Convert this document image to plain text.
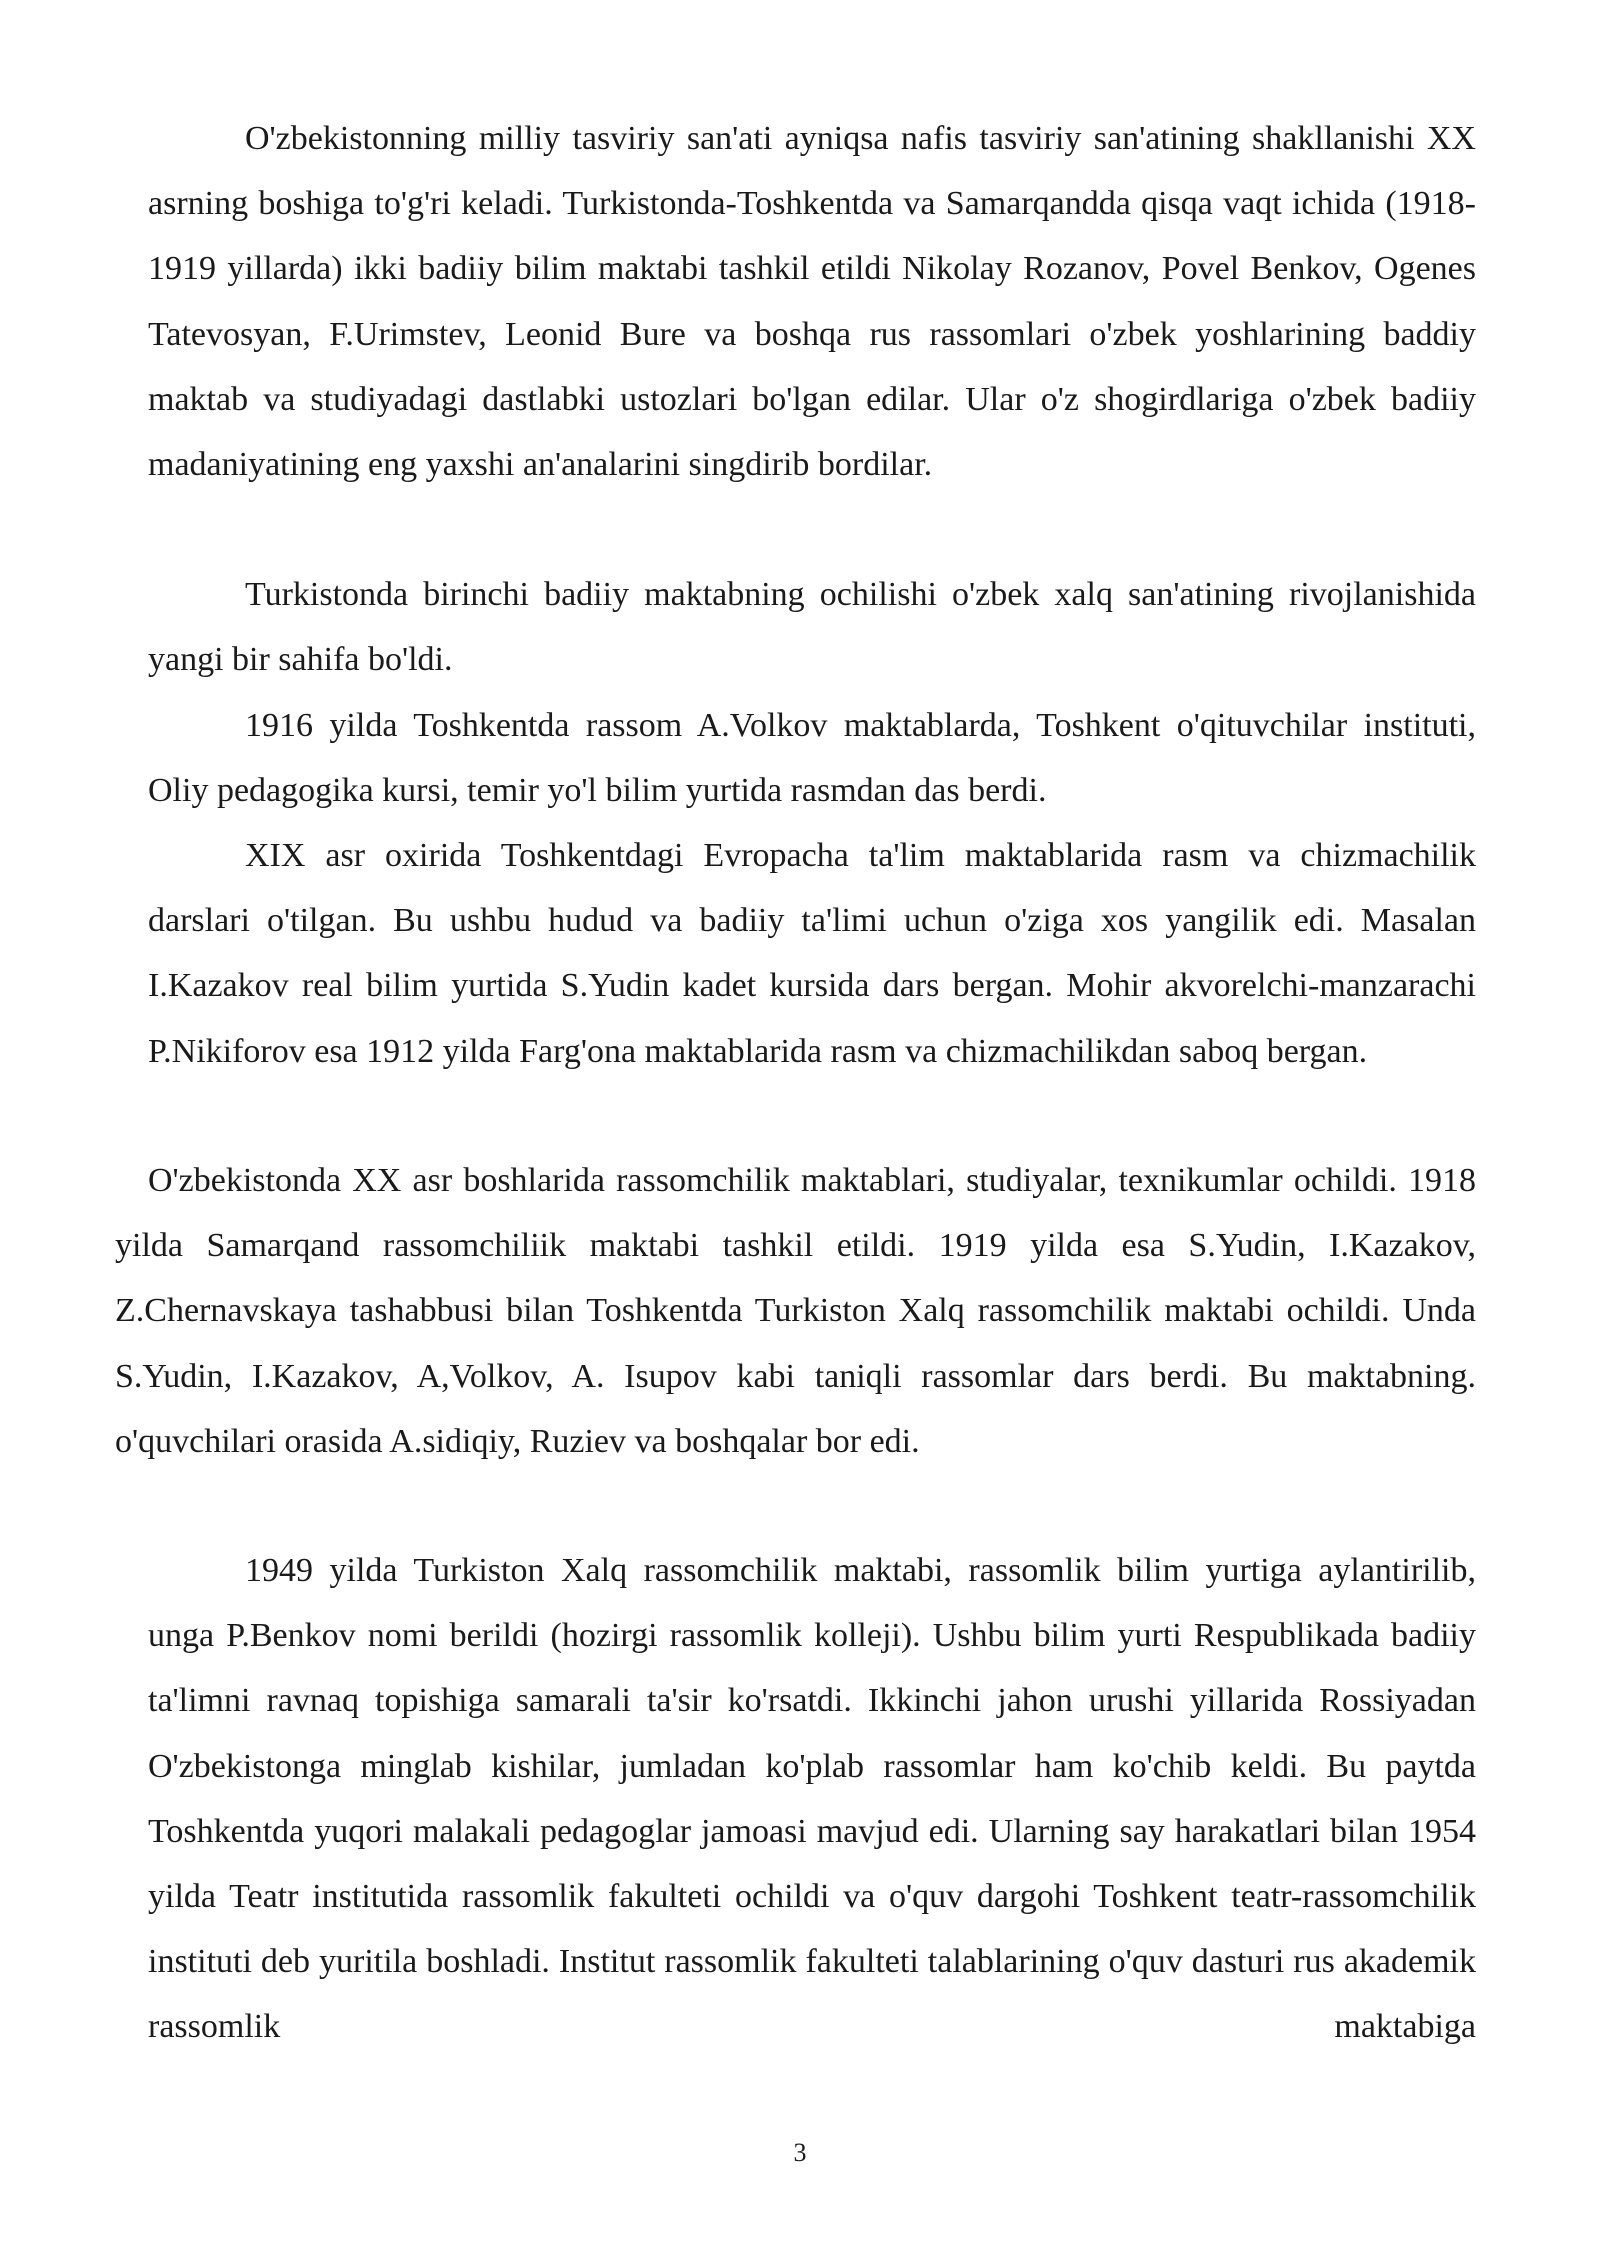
O'zbekistonning milliy tasviriy san'ati ayniqsa nafis tasviriy san'atining shakllanishi XX asrning boshiga to'g'ri keladi. Turkistonda-Toshkentda va Samarqandda qisqa vaqt ichida (1918-1919 yillarda) ikki badiiy bilim maktabi tashkil etildi Nikolay Rozanov, Povel Benkov, Ogenes Tatevosyan, F.Urimstev, Leonid Bure va boshqa rus rassomlari o'zbek yoshlarining baddiy maktab va studiyadagi dastlabki ustozlari bo'lgan edilar. Ular o'z shogirdlariga o'zbek badiiy madaniyatining eng yaxshi an'analarini singdirib bordilar.

Turkistonda birinchi badiiy maktabning ochilishi o'zbek xalq san'atining rivojlanishida yangi bir sahifa bo'ldi.

1916 yilda Toshkentda rassom A.Volkov maktablarda, Toshkent o'qituvchilar instituti, Oliy pedagogika kursi, temir yo'l bilim yurtida rasmdan das berdi.

XIX asr oxirida Toshkentdagi Evropacha ta'lim maktablarida rasm va chizmachilik darslari o'tilgan. Bu ushbu hudud va badiiy ta'limi uchun o'ziga xos yangilik edi. Masalan I.Kazakov real bilim yurtida S.Yudin kadet kursida dars bergan. Mohir akvorelchi-manzarachi P.Nikiforov esa 1912 yilda Farg'ona maktablarida rasm va chizmachilikdan saboq bergan.

O'zbekistonda XX asr boshlarida rassomchilik maktablari, studiyalar, texnikumlar ochildi. 1918 yilda Samarqand rassomchiliik maktabi tashkil etildi. 1919 yilda esa S.Yudin, I.Kazakov, Z.Chernavskaya tashabbusi bilan Toshkentda Turkiston Xalq rassomchilik maktabi ochildi. Unda S.Yudin, I.Kazakov, A,Volkov, A. Isupov kabi taniqli rassomlar dars berdi. Bu maktabning. o'quvchilari orasida A.sidiqiy, Ruziev va boshqalar bor edi.

1949 yilda Turkiston Xalq rassomchilik maktabi, rassomlik bilim yurtiga aylantirilib, unga P.Benkov nomi berildi (hozirgi rassomlik kolleji). Ushbu bilim yurti Respublikada badiiy ta'limni ravnaq topishiga samarali ta'sir ko'rsatdi. Ikkinchi jahon urushi yillarida Rossiyadan O'zbekistonga minglab kishilar, jumladan ko'plab rassomlar ham ko'chib keldi. Bu paytda Toshkentda yuqori malakali pedagoglar jamoasi mavjud edi. Ularning say harakatlari bilan 1954 yilda Teatr institutida rassomlik fakulteti ochildi va o'quv dargohi Toshkent teatr-rassomchilik instituti deb yuritila boshladi. Institut rassomlik fakulteti talablarining o'quv dasturi rus akademik rassomlik maktabiga

3
